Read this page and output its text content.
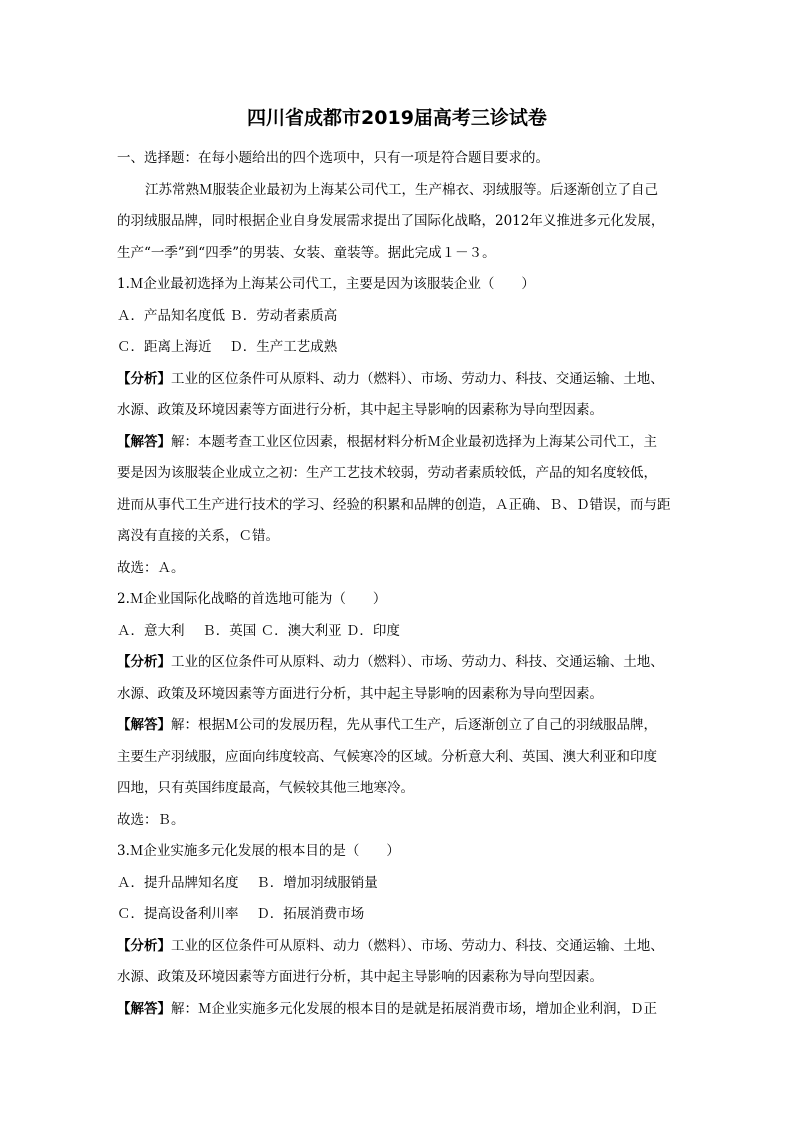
四川省成都市2019届高考三诊试卷
一、选择题：在每小题给出的四个选项中，只有一项是符合题目要求的。
江苏常熟Ｍ服装企业最初为上海某公司代工，生产棉衣、羽绒服等。后逐渐创立了自己
的羽绒服品牌，同时根据企业自身发展需求提出了国际化战略，2012年义推进多元化发展，
生产“一季”到“四季”的男装、女装、童装等。据此完成１－３。
1.Ｍ企业最初选择为上海某公司代工，主要是因为该服装企业（　　）
Ａ．产品知名度低 Ｂ．劳动者素质高
Ｃ．距离上海近　 Ｄ．生产工艺成熟
【分析】工业的区位条件可从原料、动力（燃料）、市场、劳动力、科技、交通运输、土地、
水源、政策及环境因素等方面进行分析，其中起主导影响的因素称为导向型因素。
【解答】解：本题考查工业区位因素，根据材料分析Ｍ企业最初选择为上海某公司代工，主
要是因为该服装企业成立之初：生产工艺技术较弱，劳动者素质较低，产品的知名度较低，
进而从事代工生产进行技术的学习、经验的积累和品牌的创造，Ａ正确、Ｂ、Ｄ错误，而与距
离没有直接的关系，Ｃ错。
故选：Ａ。
2.Ｍ企业国际化战略的首选地可能为（　　）
Ａ．意大利　 Ｂ．英国 Ｃ．澳大利亚 Ｄ．印度
【分析】工业的区位条件可从原料、动力（燃料）、市场、劳动力、科技、交通运输、土地、
水源、政策及环境因素等方面进行分析，其中起主导影响的因素称为导向型因素。
【解答】解：根据Ｍ公司的发展历程，先从事代工生产，后逐渐创立了自己的羽绒服品牌，
主要生产羽绒服，应面向纬度较高、气候寒冷的区域。分析意大利、英国、澳大利亚和印度
四地，只有英国纬度最高，气候较其他三地寒冷。
故选：Ｂ。
3.Ｍ企业实施多元化发展的根本目的是（　　）
Ａ．提升品牌知名度　 Ｂ．增加羽绒服销量
Ｃ．提高设备利川率　 Ｄ．拓展消费市场
【分析】工业的区位条件可从原料、动力（燃料）、市场、劳动力、科技、交通运输、土地、
水源、政策及环境因素等方面进行分析，其中起主导影响的因素称为导向型因素。
【解答】解：Ｍ企业实施多元化发展的根本目的是就是拓展消费市场，增加企业利润，Ｄ正
